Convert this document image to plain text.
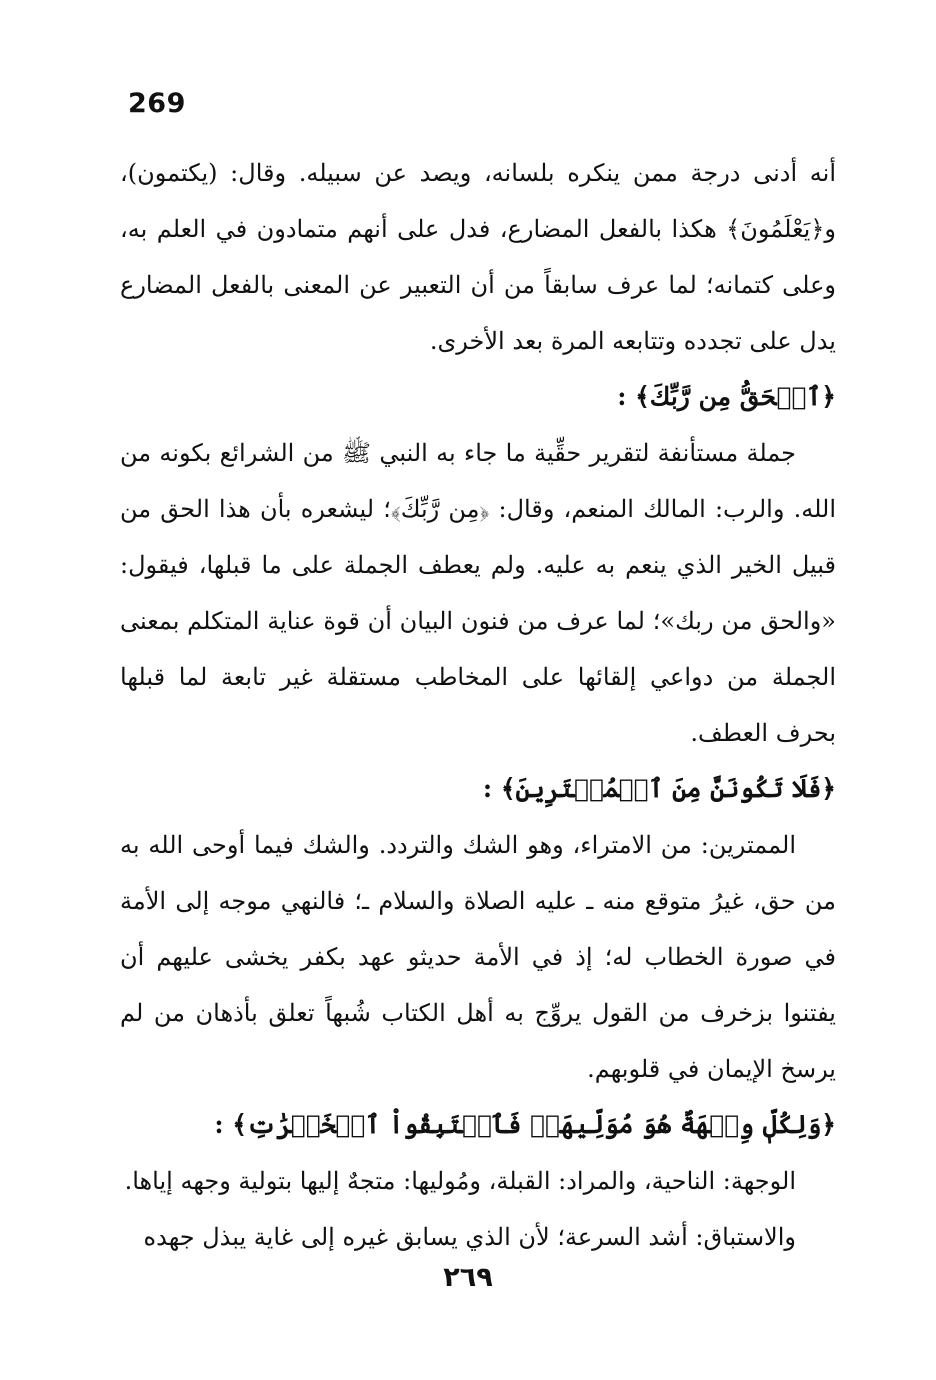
269

أنه أدنى درجة ممن ينكره بلسانه، ويصد عن سبيله. وقال: (يكتمون)، و﴿يَعْلَمُونَ﴾ هكذا بالفعل المضارع، فدل على أنهم متمادون في العلم به، وعلى كتمانه؛ لما عرف سابقاً من أن التعبير عن المعنى بالفعل المضارع يدل على تجدده وتتابعه المرة بعد الأخرى.

﴿ٱلۡحَقُّ مِن رَّبِّكَ﴾ :

جملة مستأنفة لتقرير حقِّية ما جاء به النبي ﷺ من الشرائع بكونه من الله. والرب: المالك المنعم، وقال: ﴿مِن رَّبِّكَ﴾؛ ليشعره بأن هذا الحق من قبيل الخير الذي ينعم به عليه. ولم يعطف الجملة على ما قبلها، فيقول: «والحق من ربك»؛ لما عرف من فنون البيان أن قوة عناية المتكلم بمعنى الجملة من دواعي إلقائها على المخاطب مستقلة غير تابعة لما قبلها بحرف العطف.

﴿فَلَا تَكُونَنَّ مِنَ ٱلۡمُمۡتَرِينَ﴾ :

الممترين: من الامتراء، وهو الشك والتردد. والشك فيما أوحى الله به من حق، غيرُ متوقع منه ـ عليه الصلاة والسلام ـ؛ فالنهي موجه إلى الأمة في صورة الخطاب له؛ إذ في الأمة حديثو عهد بكفر يخشى عليهم أن يفتنوا بزخرف من القول يروِّج به أهل الكتاب شُبهاً تعلق بأذهان من لم يرسخ الإيمان في قلوبهم.

﴿وَلِكُلّٖ وِجۡهَةٌ هُوَ مُوَلِّيهَاۖ فَٱسۡتَبِقُواْ ٱلۡخَيۡرَٰتِ﴾ :

الوجهة: الناحية، والمراد: القبلة، ومُوليها: متجهٌ إليها بتولية وجهه إياها.

والاستباق: أشد السرعة؛ لأن الذي يسابق غيره إلى غاية يبذل جهده

٢٦٩
